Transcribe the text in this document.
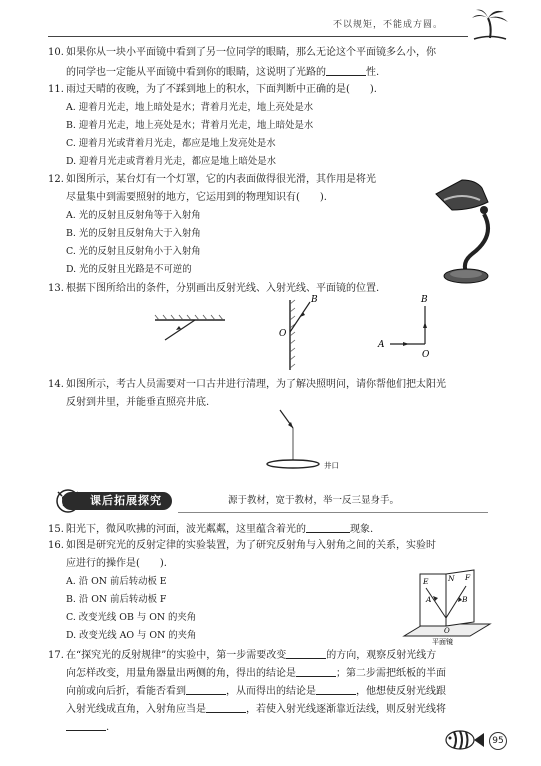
不以规矩，不能成方圆。
10. 如果你从一块小平面镜中看到了另一位同学的眼睛，那么无论这个平面镜多么小，你
的同学也一定能从平面镜中看到你的眼睛，这说明了光路的	性.
11. 雨过天晴的夜晚，为了不踩到地上的积水，下面判断中正确的是(　　).
A. 迎着月光走，地上暗处是水；背着月光走，地上亮处是水
B. 迎着月光走，地上亮处是水；背着月光走，地上暗处是水
C. 迎着月光或背着月光走，都应是地上发亮处是水
D. 迎着月光走或背着月光走，都应是地上暗处是水
12. 如图所示，某台灯有一个灯罩，它的内表面做得很光滑，其作用是将光
尽量集中到需要照射的地方，它运用到的物理知识有(　　).
A. 光的反射且反射角等于入射角
B. 光的反射且反射角大于入射角
C. 光的反射且反射角小于入射角
D. 光的反射且光路是不可逆的
13. 根据下图所给出的条件，分别画出反射光线、入射光线、平面镜的位置.
B
O
B
A
O
14. 如图所示，考古人员需要对一口古井进行清理，为了解决照明问，请你帮他们把太阳光
反射到井里，并能垂直照亮井底.
井口
课后拓展探究	源于教材，宽于教材，举一反三显身手。
15. 阳光下，微风吹拂的河面，波光粼粼，这里蕴含着光的	现象.
16. 如图是研究光的反射定律的实验装置，为了研究反射角与入射角之间的关系，实验时
应进行的操作是(　　).
A. 沿 ON 前后转动板 E
B. 沿 ON 前后转动板 F
C. 改变光线 OB 与 ON 的夹角
D. 改变光线 AO 与 ON 的夹角
E	N F
A	B
O
平面镜
17. 在“探究光的反射规律”的实验中，第一步需要改变	的方向，观察反射光线方
向怎样改变，用量角器量出两侧的角，得出的结论是	；第二步需把纸板的半面
向前或向后折，看能否看到	，从而得出的结论是	，他想使反射光线跟
入射光线成直角，入射角应当是	，若使入射光线逐渐靠近法线，则反射光线将
.
95
